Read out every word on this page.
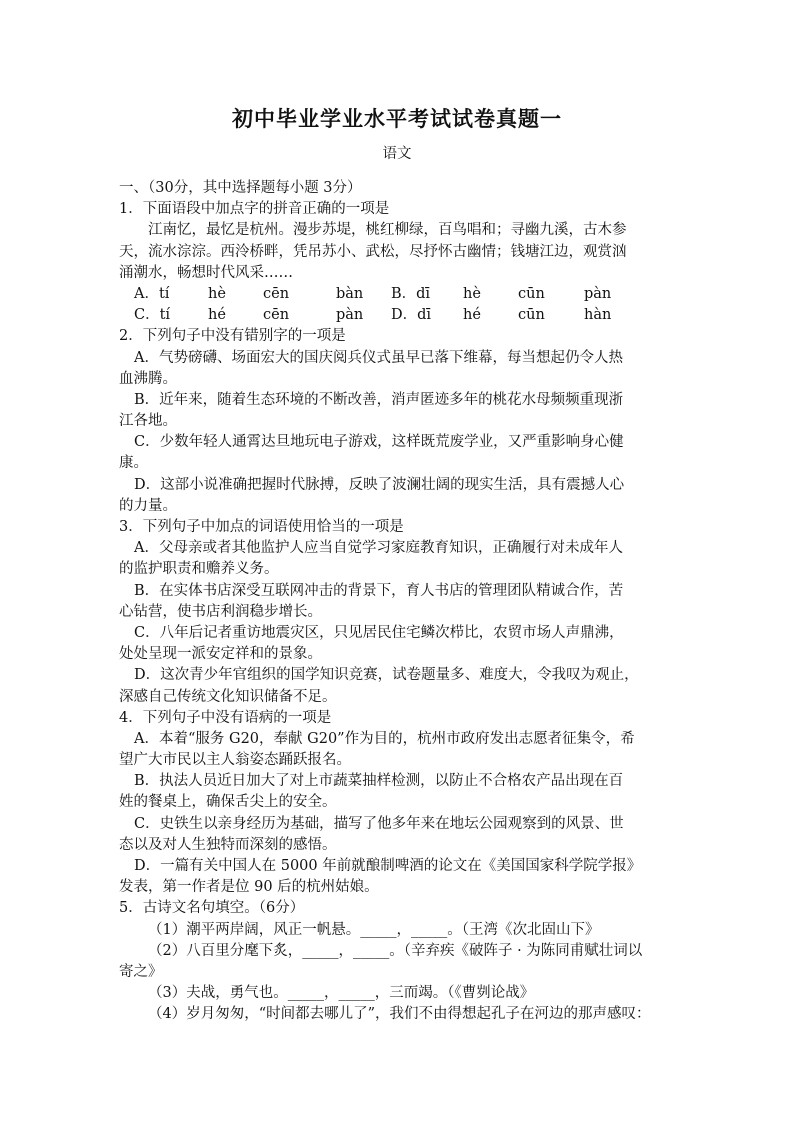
初中毕业学业水平考试试卷真题一
语文
一、（30分，其中选择题每小题 3分）
1．下面语段中加点字的拼音正确的一项是
江南忆，最忆是杭州。漫步苏堤，桃红柳绿，百鸟唱和；寻幽九溪，古木参
天，流水淙淙。西泠桥畔，凭吊苏小、武松，尽抒怀古幽情；钱塘江边，观赏汹
涌潮水，畅想时代风采……
A．tí	hè	cēn	bàn	B．dī	hè	cūn	pàn
C．tí	hé	cēn	pàn	D．dī	hé	cūn	hàn
2．下列句子中没有错别字的一项是
A．气势磅礴、场面宏大的国庆阅兵仪式虽早已落下维幕，每当想起仍令人热
血沸腾。
B．近年来，随着生态环境的不断改善，消声匿迹多年的桃花水母频频重现浙
江各地。
C．少数年轻人通霄达旦地玩电子游戏，这样既荒废学业，又严重影响身心健
康。
D．这部小说准确把握时代脉搏，反映了波澜壮阔的现实生活，具有震撼人心
的力量。
3．下列句子中加点的词语使用恰当的一项是
A．父母亲或者其他监护人应当自觉学习家庭教育知识，正确履行对未成年人
的监护职责和赡养义务。
B．在实体书店深受互联网冲击的背景下，育人书店的管理团队精诚合作，苦
心钻营，使书店利润稳步增长。
C．八年后记者重访地震灾区，只见居民住宅鳞次栉比，农贸市场人声鼎沸，
处处呈现一派安定祥和的景象。
D．这次青少年官组织的国学知识竞赛，试卷题量多、难度大，令我叹为观止，
深感自己传统文化知识储备不足。
4．下列句子中没有语病的一项是
A．本着“服务 G20，奉献 G20”作为目的，杭州市政府发出志愿者征集令，希
望广大市民以主人翁姿态踊跃报名。
B．执法人员近日加大了对上市蔬菜抽样检测，以防止不合格农产品出现在百
姓的餐桌上，确保舌尖上的安全。
C．史铁生以亲身经历为基础，描写了他多年来在地坛公园观察到的风景、世
态以及对人生独特而深刻的感悟。
D．一篇有关中国人在 5000 年前就酿制啤酒的论文在《美国国家科学院学报》
发表，第一作者是位 90 后的杭州姑娘。
5．古诗文名句填空。（6分）
（1）潮平两岸阔，风正一帆悬。_____，_____。（王湾《次北固山下》
（2）八百里分麾下炙，_____，_____。（辛弃疾《破阵子 · 为陈同甫赋壮词以
寄之》
（3）夫战，勇气也。_____，_____，三而竭。（《曹刿论战》
（4）岁月匆匆，“时间都去哪儿了”，我们不由得想起孔子在河边的那声感叹：
